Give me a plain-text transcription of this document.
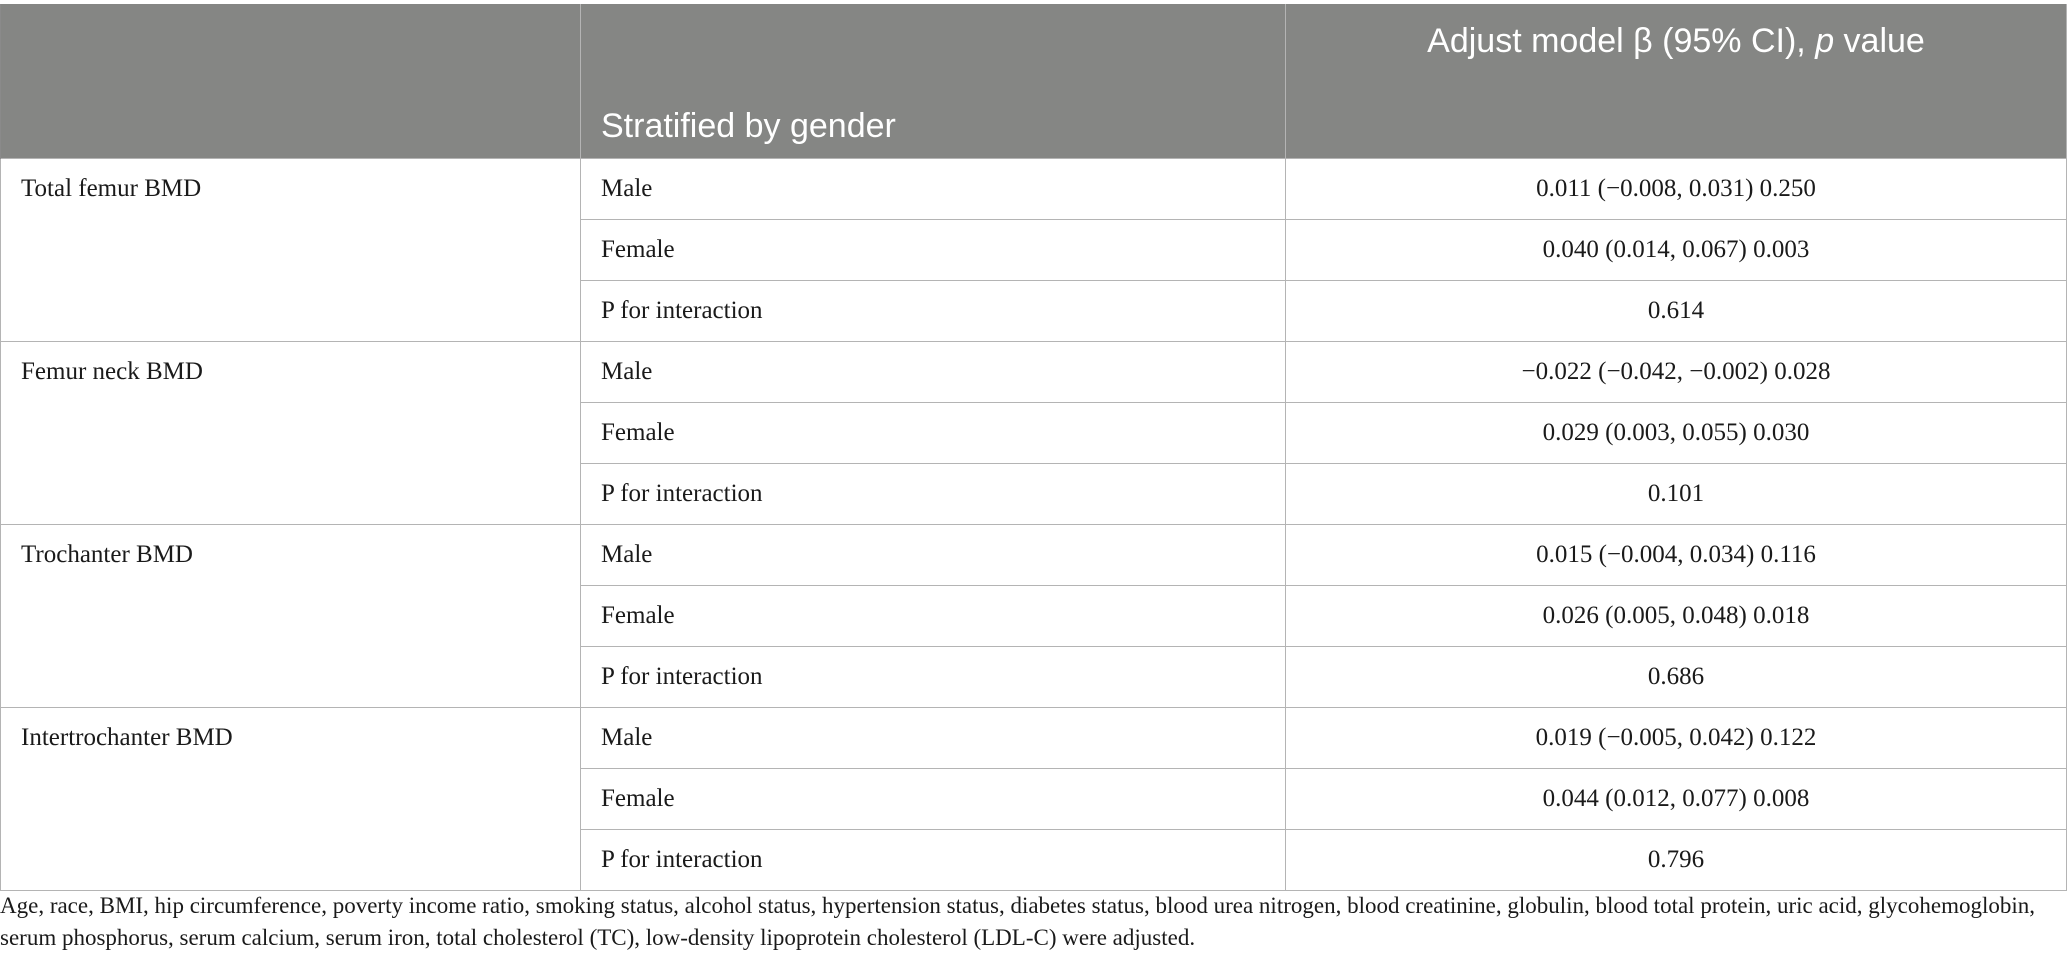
	Stratified by gender	Adjust model β (95% CI), p value
Total femur BMD	Male	0.011 (−0.008, 0.031) 0.250
	Female	0.040 (0.014, 0.067) 0.003
	P for interaction	0.614
Femur neck BMD	Male	−0.022 (−0.042, −0.002) 0.028
	Female	0.029 (0.003, 0.055) 0.030
	P for interaction	0.101
Trochanter BMD	Male	0.015 (−0.004, 0.034) 0.116
	Female	0.026 (0.005, 0.048) 0.018
	P for interaction	0.686
Intertrochanter BMD	Male	0.019 (−0.005, 0.042) 0.122
	Female	0.044 (0.012, 0.077) 0.008
	P for interaction	0.796

Age, race, BMI, hip circumference, poverty income ratio, smoking status, alcohol status, hypertension status, diabetes status, blood urea nitrogen, blood creatinine, globulin, blood total protein, uric acid, glycohemoglobin, serum phosphorus, serum calcium, serum iron, total cholesterol (TC), low-density lipoprotein cholesterol (LDL-C) were adjusted.
